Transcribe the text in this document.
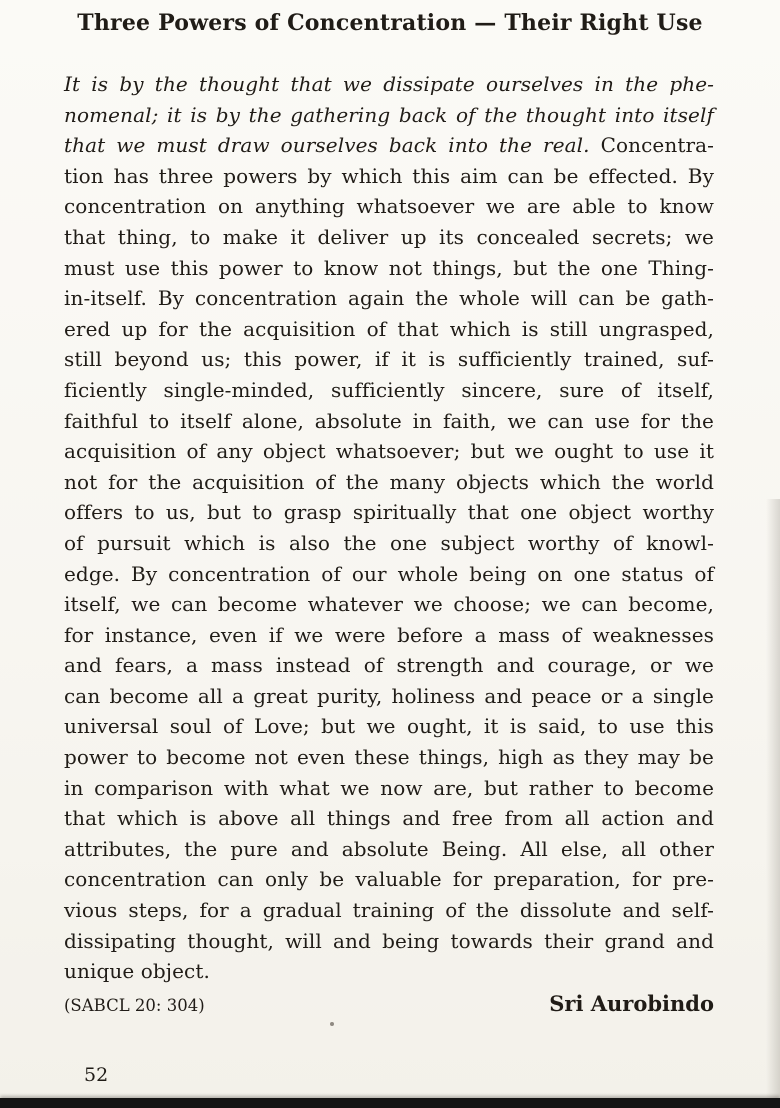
Three Powers of Concentration — Their Right Use
It is by the thought that we dissipate ourselves in the phe-
nomenal; it is by the gathering back of the thought into itself
that we must draw ourselves back into the real. Concentra-
tion has three powers by which this aim can be effected. By
concentration on anything whatsoever we are able to know
that thing, to make it deliver up its concealed secrets; we
must use this power to know not things, but the one Thing-
in-itself. By concentration again the whole will can be gath-
ered up for the acquisition of that which is still ungrasped,
still beyond us; this power, if it is sufficiently trained, suf-
ficiently single-minded, sufficiently sincere, sure of itself,
faithful to itself alone, absolute in faith, we can use for the
acquisition of any object whatsoever; but we ought to use it
not for the acquisition of the many objects which the world
offers to us, but to grasp spiritually that one object worthy
of pursuit which is also the one subject worthy of knowl-
edge. By concentration of our whole being on one status of
itself, we can become whatever we choose; we can become,
for instance, even if we were before a mass of weaknesses
and fears, a mass instead of strength and courage, or we
can become all a great purity, holiness and peace or a single
universal soul of Love; but we ought, it is said, to use this
power to become not even these things, high as they may be
in comparison with what we now are, but rather to become
that which is above all things and free from all action and
attributes, the pure and absolute Being. All else, all other
concentration can only be valuable for preparation, for pre-
vious steps, for a gradual training of the dissolute and self-
dissipating thought, will and being towards their grand and
unique object.
(SABCL 20: 304)	Sri Aurobindo
52
